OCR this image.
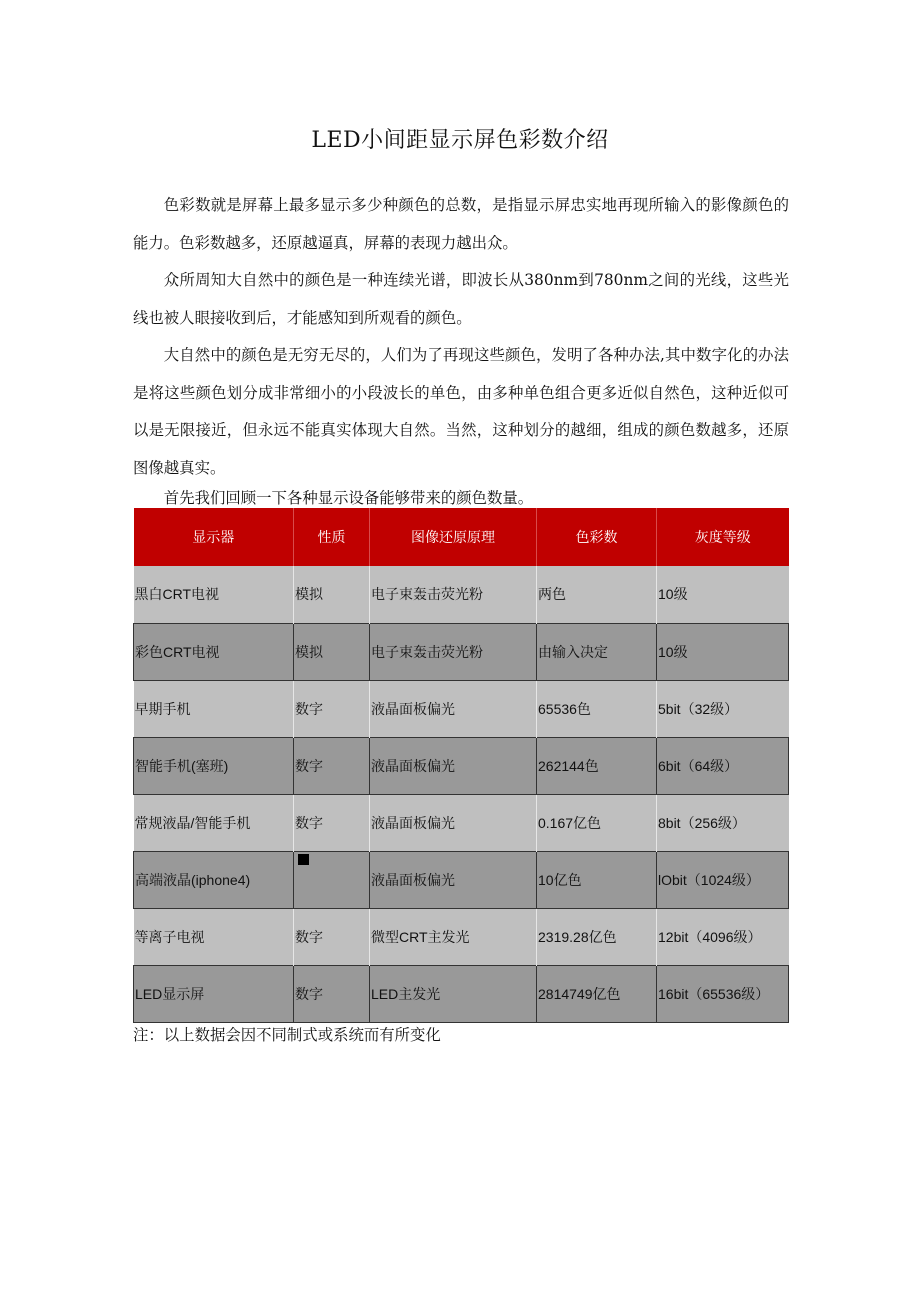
LED小间距显示屏色彩数介绍

色彩数就是屏幕上最多显示多少种颜色的总数，是指显示屏忠实地再现所输入的影像颜色的能力。色彩数越多，还原越逼真，屏幕的表现力越出众。

众所周知大自然中的颜色是一种连续光谱，即波长从380nm到780nm之间的光线，这些光线也被人眼接收到后，才能感知到所观看的颜色。

大自然中的颜色是无穷无尽的，人们为了再现这些颜色，发明了各种办法,其中数字化的办法是将这些颜色划分成非常细小的小段波长的单色，由多种单色组合更多近似自然色，这种近似可以是无限接近，但永远不能真实体现大自然。当然，这种划分的越细，组成的颜色数越多，还原图像越真实。

首先我们回顾一下各种显示设备能够带来的颜色数量。

显示器	性质	图像还原原理	色彩数	灰度等级
黑白CRT电视	模拟	电子束轰击荧光粉	两色	10级
彩色CRT电视	模拟	电子束轰击荧光粉	由输入决定	10级
早期手机	数字	液晶面板偏光	65536色	5bit（32级）
智能手机(塞班)	数字	液晶面板偏光	262144色	6bit（64级）
常规液晶/智能手机	数字	液晶面板偏光	0.167亿色	8bit（256级）
高端液晶(iphone4)		液晶面板偏光	10亿色	lObit（1024级）
等离子电视	数字	微型CRT主发光	2319.28亿色	12bit（4096级）
LED显示屏	数字	LED主发光	2814749亿色	16bit（65536级）
注：以上数据会因不同制式或系统而有所变化
